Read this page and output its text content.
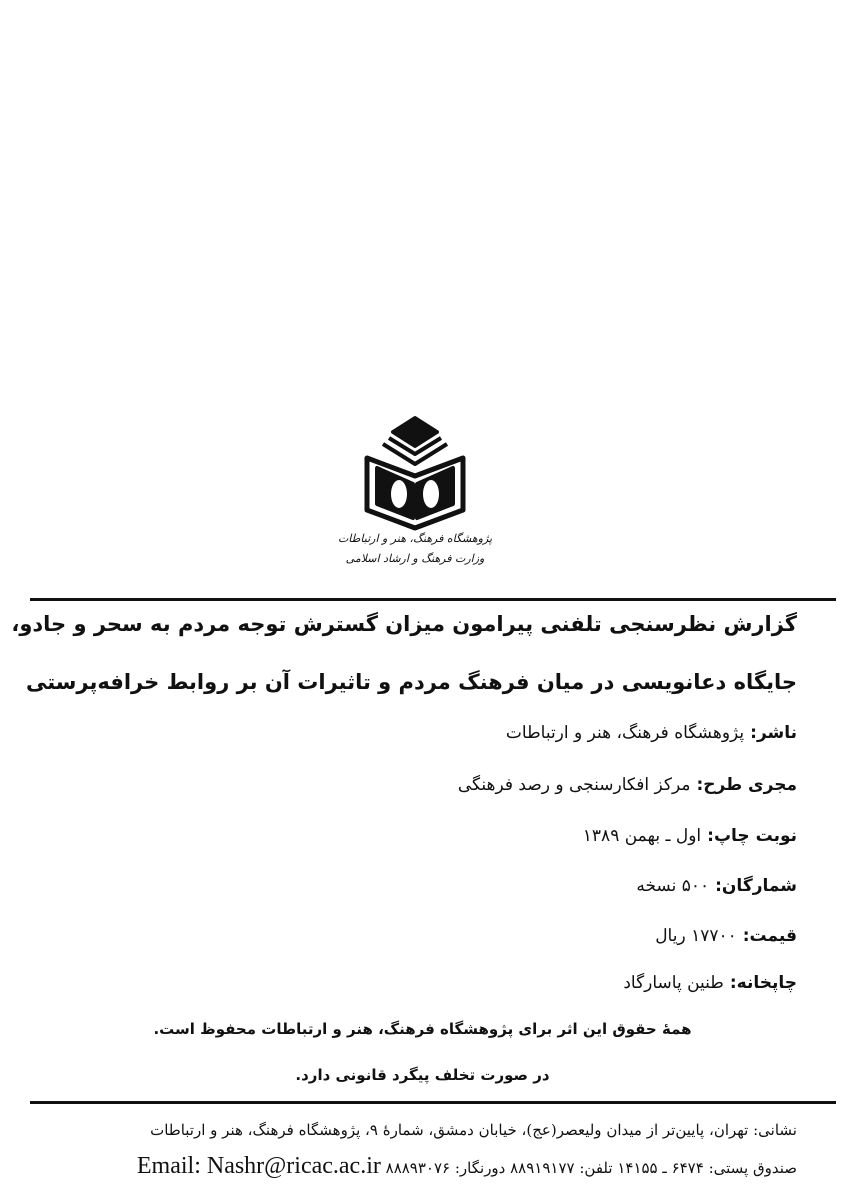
پژوهشگاه فرهنگ، هنر و ارتباطات
وزارت فرهنگ و ارشاد اسلامی
گزارش نظرسنجی تلفنی پیرامون میزان گسترش توجه مردم به سحر و جادو،
جایگاه دعانویسی در میان فرهنگ مردم و تاثیرات آن بر روابط خرافه‌پرستی
ناشر:پژوهشگاه فرهنگ، هنر و ارتباطات
مجری طرح:مرکز افکارسنجی و رصد فرهنگی
نوبت چاپ:اول ـ بهمن ۱۳۸۹
شمارگان:۵۰۰ نسخه
قیمت:۱۷۷۰۰ ریال
چاپخانه:طنین پاسارگاد
همهٔ حقوق این اثر برای پژوهشگاه فرهنگ، هنر و ارتباطات محفوظ است.
در صورت تخلف پیگرد قانونی دارد.
نشانی: تهران، پایین‌تر از میدان ولیعصر(عج)، خیابان دمشق، شمارهٔ ۹، پژوهشگاه فرهنگ، هنر و ارتباطات
صندوق پستی: ۶۴۷۴ ـ ۱۴۱۵۵ تلفن: ۸۸۹۱۹۱۷۷ دورنگار: ۸۸۸۹۳۰۷۶ Email: Nashr@ricac.ac.ir
